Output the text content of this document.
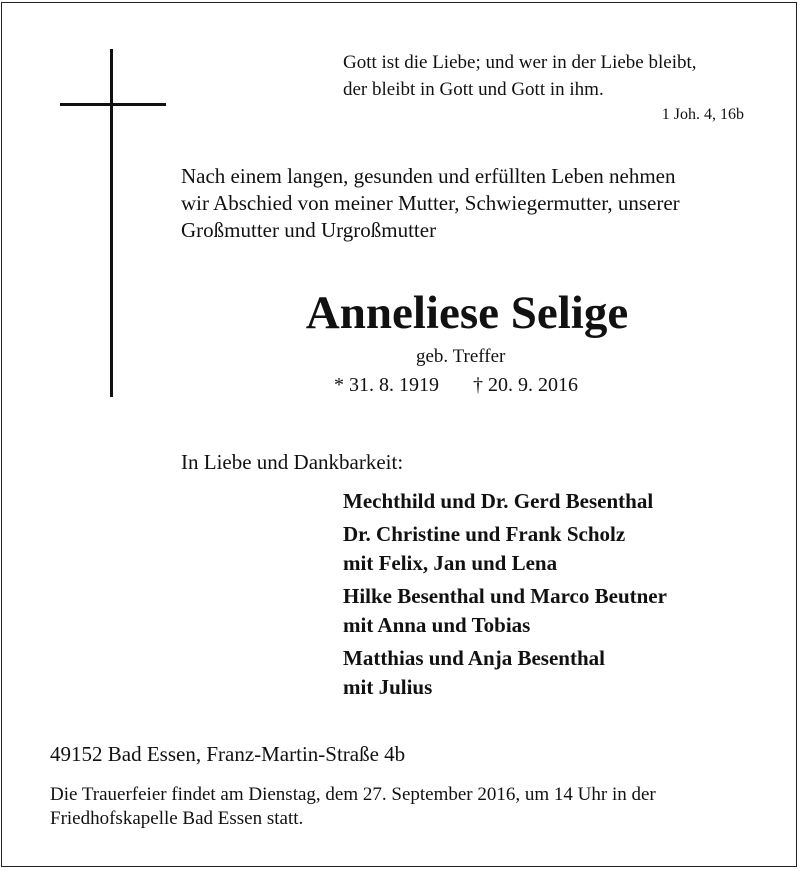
Gott ist die Liebe; und wer in der Liebe bleibt,
der bleibt in Gott und Gott in ihm.
1 Joh. 4, 16b
Nach einem langen, gesunden und erfüllten Leben nehmen
wir Abschied von meiner Mutter, Schwiegermutter, unserer
Großmutter und Urgroßmutter
Anneliese Selige
geb. Treffer
* 31. 8. 1919 † 20. 9. 2016
In Liebe und Dankbarkeit:
Mechthild und Dr. Gerd Besenthal
Dr. Christine und Frank Scholz
mit Felix, Jan und Lena
Hilke Besenthal und Marco Beutner
mit Anna und Tobias
Matthias und Anja Besenthal
mit Julius
49152 Bad Essen, Franz-Martin-Straße 4b
Die Trauerfeier findet am Dienstag, dem 27. September 2016, um 14 Uhr in der
Friedhofskapelle Bad Essen statt.
